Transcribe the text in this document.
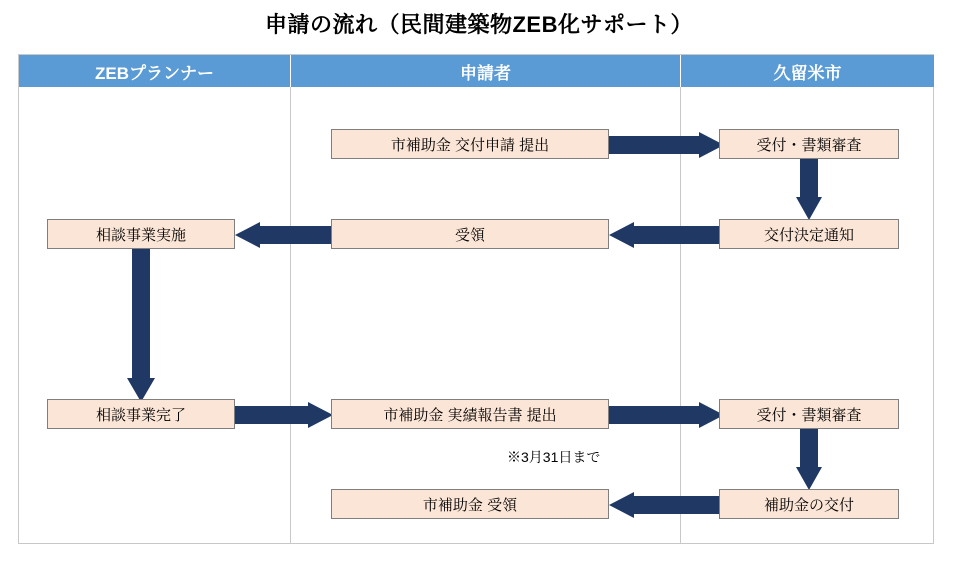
申請の流れ（民間建築物ZEB化サポート）
ZEBプランナー	申請者	久留米市
市補助金 交付申請 提出	受付・書類審査
交付決定通知
受領
相談事業実施
相談事業完了	市補助金 実績報告書 提出	受付・書類審査
補助金の交付
市補助金 受領
※3月31日まで
